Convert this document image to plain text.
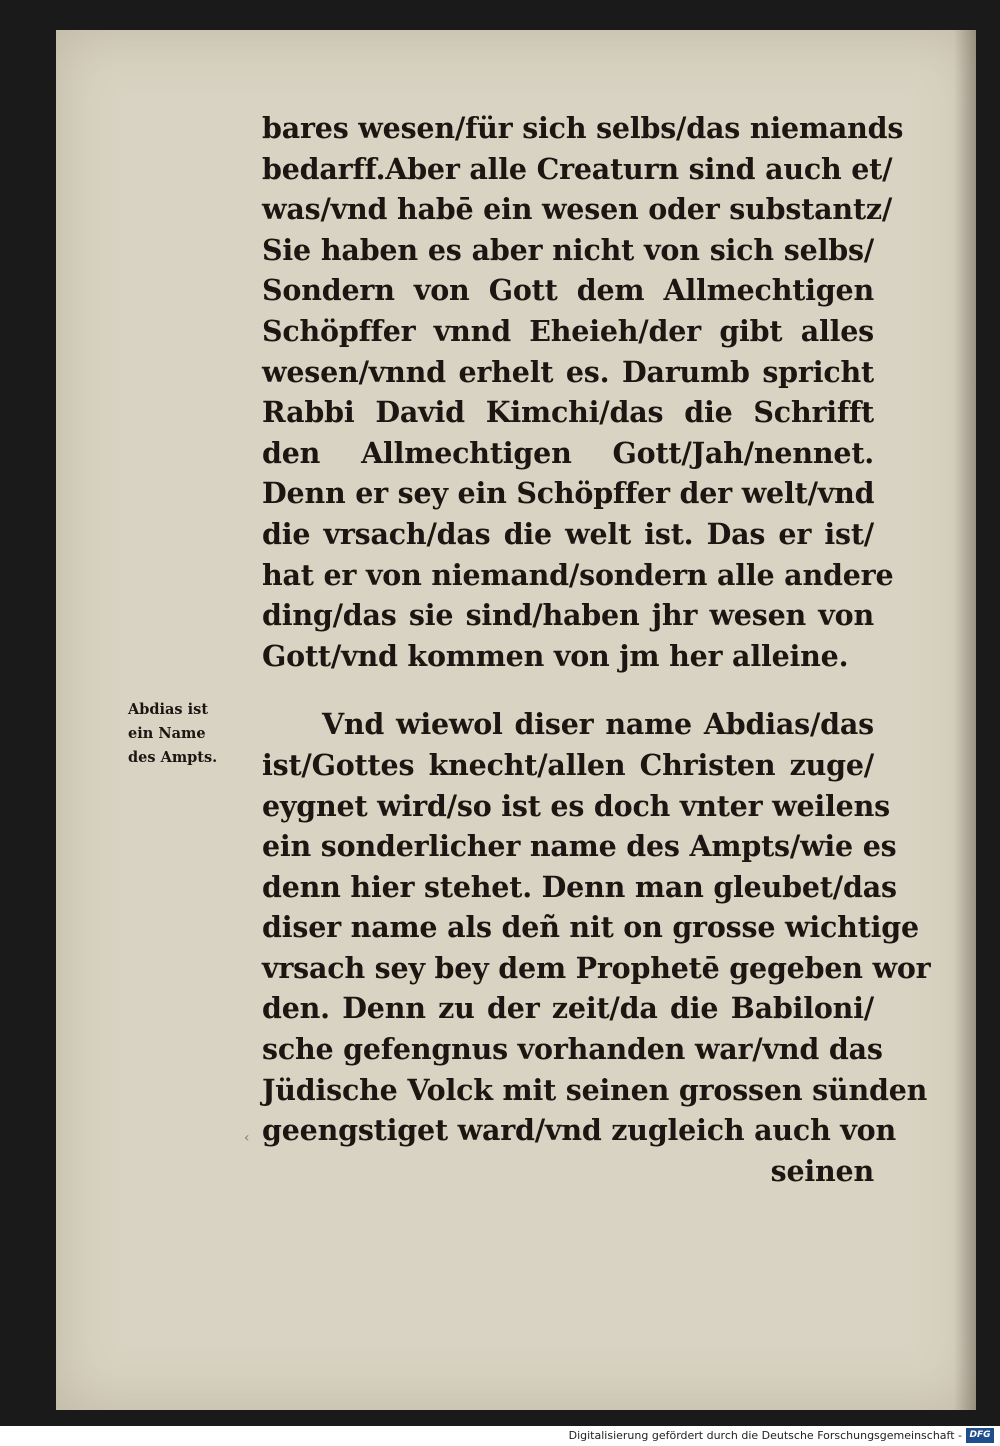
bares wesen/für sich selbs/das niemands
bedarff.Aber alle Creaturn sind auch et/
was/vnd habē ein wesen oder substantz/
Sie haben es aber nicht von sich selbs/
Sondern von Gott dem Allmechtigen
Schöpffer vnnd Eheieh/der gibt alles
wesen/vnnd erhelt es. Darumb spricht
Rabbi David Kimchi/das die Schrifft
den Allmechtigen Gott/Jah/nennet.
Denn er sey ein Schöpffer der welt/vnd
die vrsach/das die welt ist. Das er ist/
hat er von niemand/sondern alle andere
ding/das sie sind/haben jhr wesen von
Gott/vnd kommen von jm her alleine.
Vnd wiewol diser name Abdias/das
ist/Gottes knecht/allen Christen zuge/
eygnet wird/so ist es doch vnter weilens
ein sonderlicher name des Ampts/wie es
denn hier stehet. Denn man gleubet/das
diser name als deñ nit on grosse wichtige
vrsach sey bey dem Prophetē gegeben wor
den. Denn zu der zeit/da die Babiloni/
sche gefengnus vorhanden war/vnd das
Jüdische Volck mit seinen grossen sünden
geengstiget ward/vnd zugleich auch von
seinen
Abdias ist
ein Name
des Ampts.
‹
Digitalisierung gefördert durch die Deutsche Forschungsgemeinschaft - DFG
